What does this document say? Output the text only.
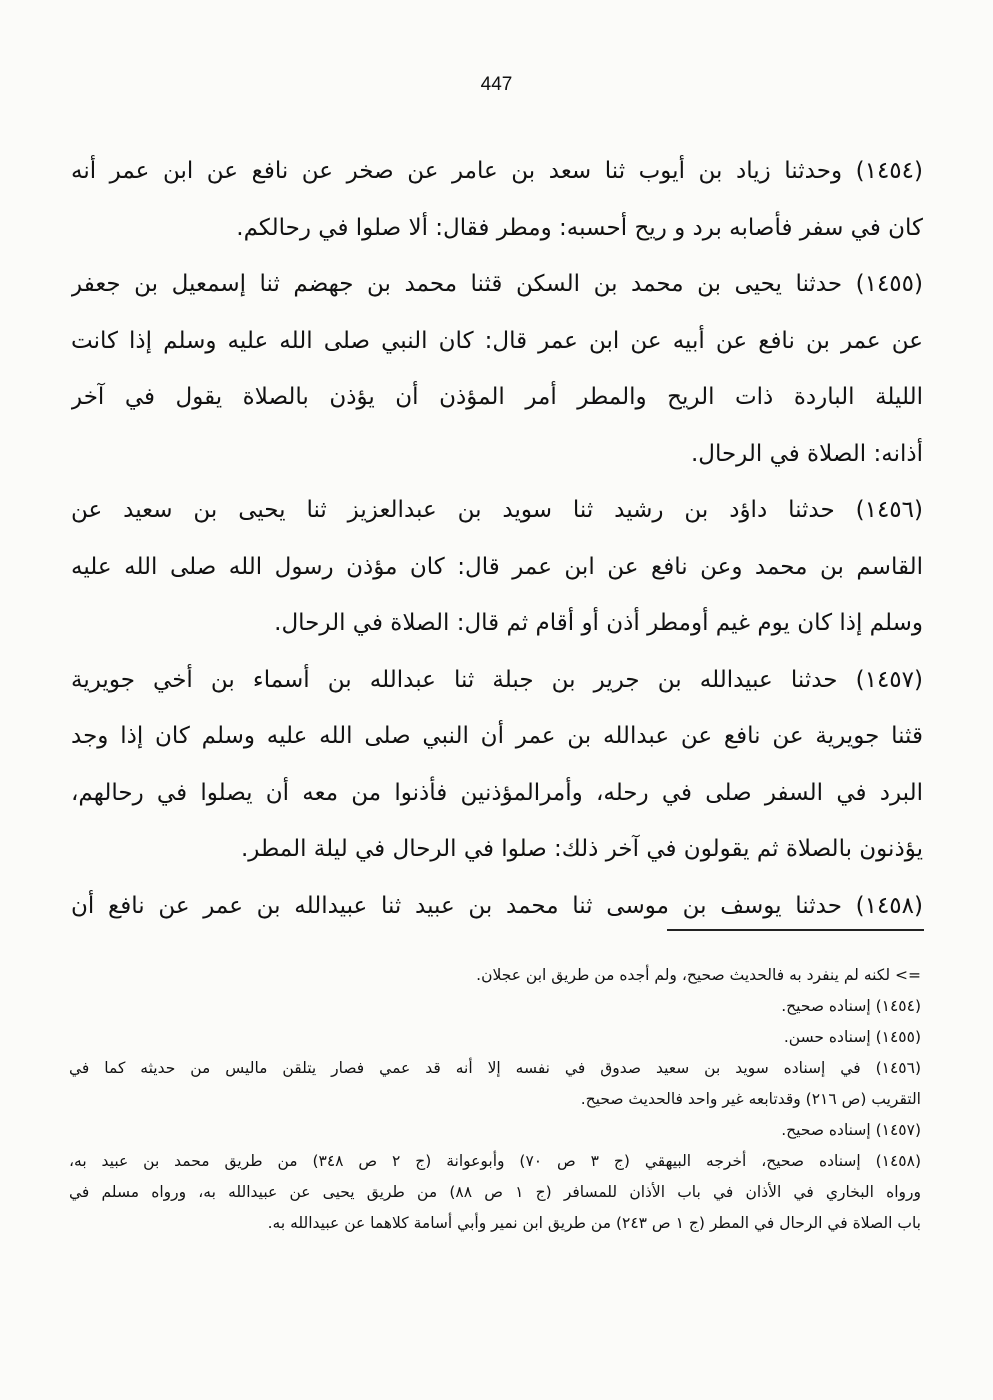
447
(١٤٥٤) وحدثنا زياد بن أيوب ثنا سعد بن عامر عن صخر عن نافع عن ابن عمر أنه
كان في سفر فأصابه برد و ريح أحسبه: ومطر فقال: ألا صلوا في رحالكم.
(١٤٥٥) حدثنا يحيى بن محمد بن السكن قثنا محمد بن جهضم ثنا إسمعيل بن جعفر
عن عمر بن نافع عن أبيه عن ابن عمر قال: كان النبي صلى الله عليه وسلم إذا كانت
الليلة الباردة ذات الريح والمطر أمر المؤذن أن يؤذن بالصلاة يقول في آخر
أذانه: الصلاة في الرحال.
(١٤٥٦) حدثنا داؤد بن رشيد ثنا سويد بن عبدالعزيز ثنا يحيى بن سعيد عن
القاسم بن محمد وعن نافع عن ابن عمر قال: كان مؤذن رسول الله صلى الله عليه
وسلم إذا كان يوم غيم أومطر أذن أو أقام ثم قال: الصلاة في الرحال.
(١٤٥٧) حدثنا عبيدالله بن جرير بن جبلة ثنا عبدالله بن أسماء بن أخي جويرية
قثنا جويرية عن نافع عن عبدالله بن عمر أن النبي صلى الله عليه وسلم كان إذا وجد
البرد في السفر صلى في رحله، وأمرالمؤذنين فأذنوا من معه أن يصلوا في رحالهم،
يؤذنون بالصلاة ثم يقولون في آخر ذلك: صلوا في الرحال في ليلة المطر.
(١٤٥٨) حدثنا يوسف بن موسى ثنا محمد بن عبيد ثنا عبيدالله بن عمر عن نافع أن
=> لكنه لم ينفرد به فالحديث صحيح، ولم أجده من طريق ابن عجلان.
(١٤٥٤) إسناده صحيح.
(١٤٥٥) إسناده حسن.
(١٤٥٦) في إسناده سويد بن سعيد صدوق في نفسه إلا أنه قد عمي فصار يتلقن ماليس من حديثه كما في
التقريب (ص ٢١٦) وقدتابعه غير واحد فالحديث صحيح.
(١٤٥٧) إسناده صحيح.
(١٤٥٨) إسناده صحيح، أخرجه البيهقي (ج ٣ ص ٧٠) وأبوعوانة (ج ٢ ص ٣٤٨) من طريق محمد بن عبيد به،
ورواه البخاري في الأذان في باب الأذان للمسافر (ج ١ ص ٨٨) من طريق يحيى عن عبيدالله به، ورواه مسلم في
باب الصلاة في الرحال في المطر (ج ١ ص ٢٤٣) من طريق ابن نمير وأبي أسامة كلاهما عن عبيدالله به.
